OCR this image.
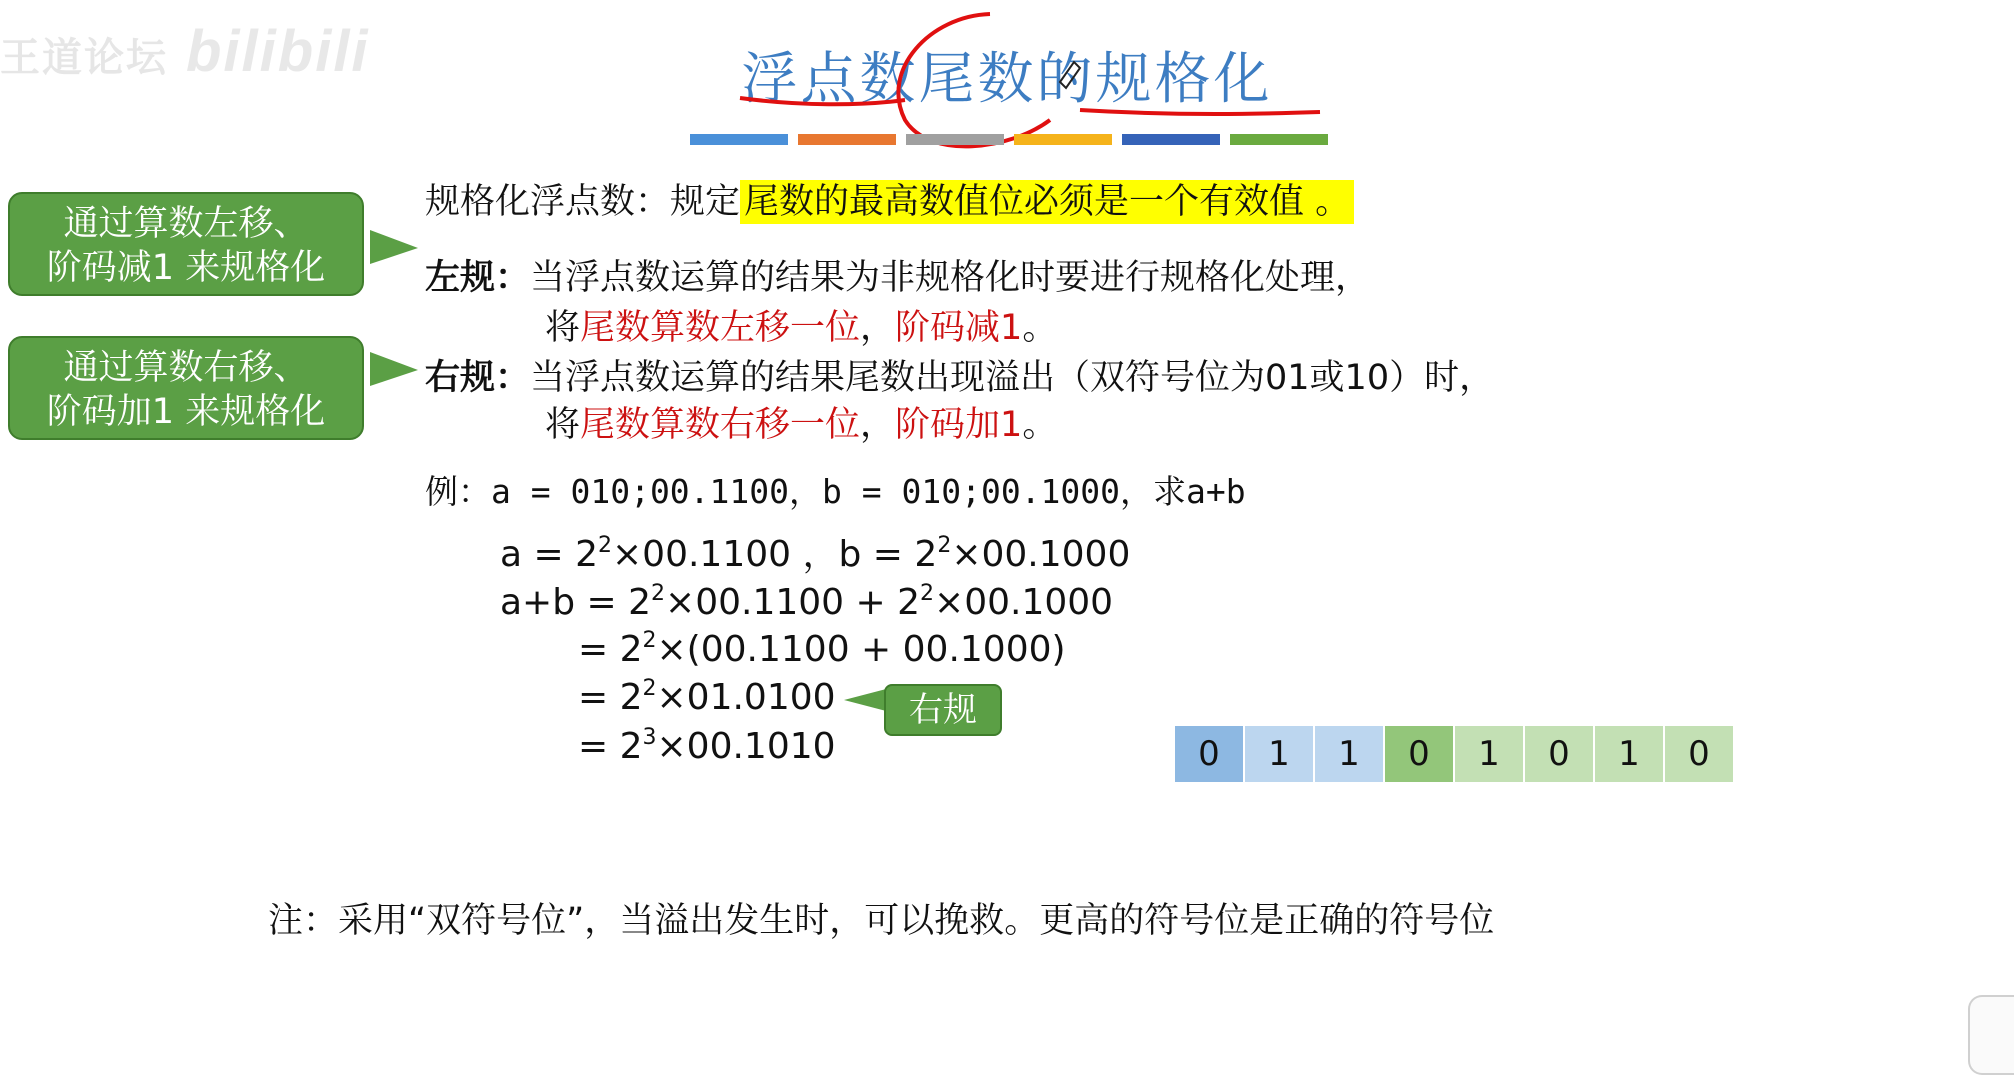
王道论坛 bilibili	浮点数尾数的规格化
规格化浮点数：规定 尾数的最高数值位必须是一个有效值 。
通过算数左移、
阶码减1 来规格化	左规：当浮点数运算的结果为非规格化时要进行规格化处理，
将尾数算数左移一位，阶码减1。
通过算数右移、
阶码加1 来规格化
右规：当浮点数运算的结果尾数出现溢出（双符号位为01或10）时，
将尾数算数右移一位，阶码加1。
例：a = 010;00.1100，b = 010;00.1000，求a+b
$a = 2^2\times 00.1100$ ，$b = 2^2\times 00.1000$
$a+b = 2^2\times 00.1100 + 2^2\times 00.1000$
= $2^2\times(00.1100 + 00.1000)$
= $2^2\times 01.0100$
= $2^3\times 00.1010$
右规
0	1	1	0	1	0	1	0
注：采用“双符号位”，当溢出发生时，可以挽救。更高的符号位是正确的符号位
